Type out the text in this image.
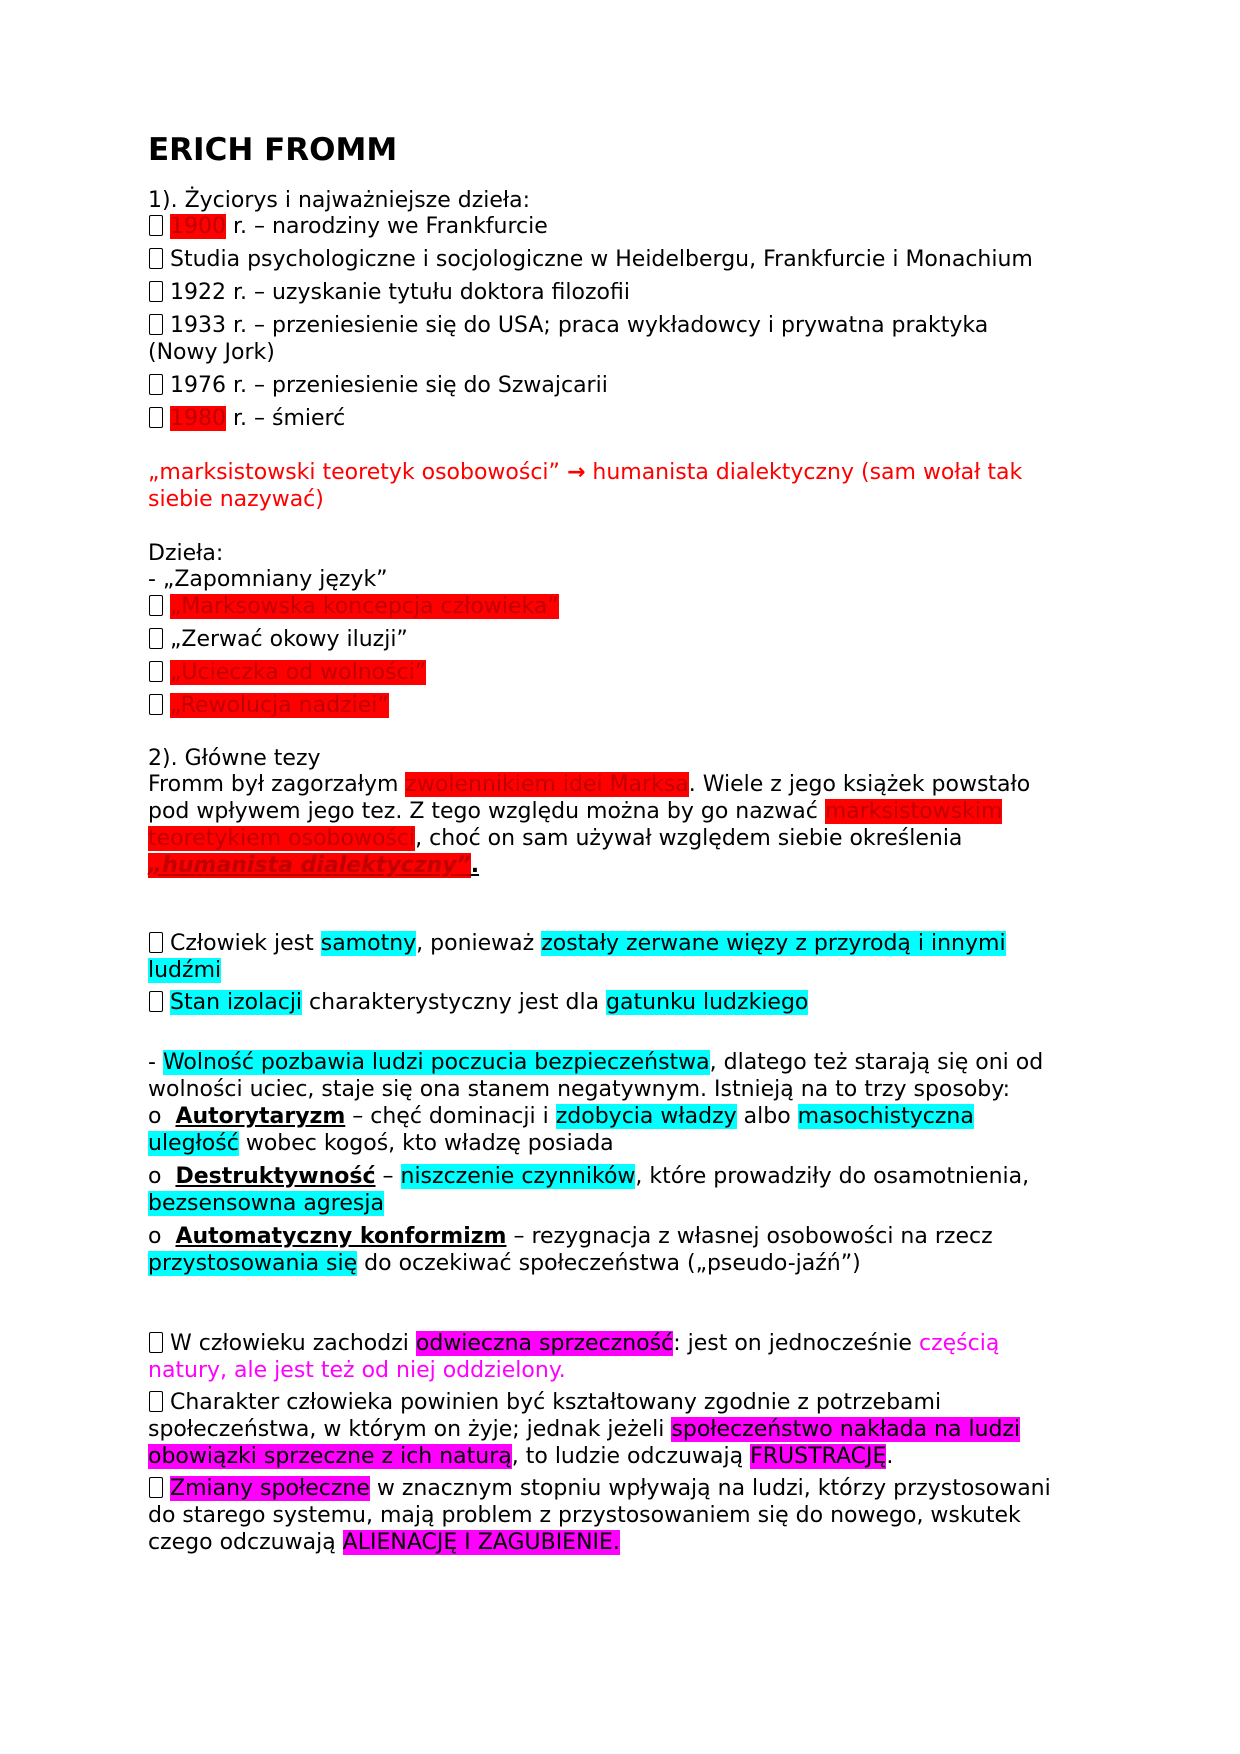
ERICH FROMM
1). Życiorys i najważniejsze dzieła:
1900 r. – narodziny we Frankfurcie
Studia psychologiczne i socjologiczne w Heidelbergu, Frankfurcie i Monachium
1922 r. – uzyskanie tytułu doktora filozofii
1933 r. – przeniesienie się do USA; praca wykładowcy i prywatna praktyka
(Nowy Jork)
1976 r. – przeniesienie się do Szwajcarii
1980 r. – śmierć
„marksistowski teoretyk osobowości” → humanista dialektyczny (sam wołał tak
siebie nazywać)
Dzieła:
- „Zapomniany język”
„Marksowska koncepcja człowieka”
„Zerwać okowy iluzji”
„Ucieczka od wolności”
„Rewolucja nadziei”
2). Główne tezy
Fromm był zagorzałym zwolennikiem idei Marksa. Wiele z jego książek powstało
pod wpływem jego tez. Z tego względu można by go nazwać marksistowskim
teoretykiem osobowości, choć on sam używał względem siebie określenia
„humanista dialektyczny”.
Człowiek jest samotny, ponieważ zostały zerwane więzy z przyrodą i innymi
ludźmi
Stan izolacji charakterystyczny jest dla gatunku ludzkiego
- Wolność pozbawia ludzi poczucia bezpieczeństwa, dlatego też starają się oni od
wolności uciec, staje się ona stanem negatywnym. Istnieją na to trzy sposoby:
o Autorytaryzm – chęć dominacji i zdobycia władzy albo masochistyczna
uległość wobec kogoś, kto władzę posiada
o Destruktywność – niszczenie czynników, które prowadziły do osamotnienia,
bezsensowna agresja
o Automatyczny konformizm – rezygnacja z własnej osobowości na rzecz
przystosowania się do oczekiwać społeczeństwa („pseudo-jaźń”)
W człowieku zachodzi odwieczna sprzeczność: jest on jednocześnie częścią
natury, ale jest też od niej oddzielony.
Charakter człowieka powinien być kształtowany zgodnie z potrzebami
społeczeństwa, w którym on żyje; jednak jeżeli społeczeństwo nakłada na ludzi
obowiązki sprzeczne z ich naturą, to ludzie odczuwają FRUSTRACJĘ.
Zmiany społeczne w znacznym stopniu wpływają na ludzi, którzy przystosowani
do starego systemu, mają problem z przystosowaniem się do nowego, wskutek
czego odczuwają ALIENACJĘ I ZAGUBIENIE.
